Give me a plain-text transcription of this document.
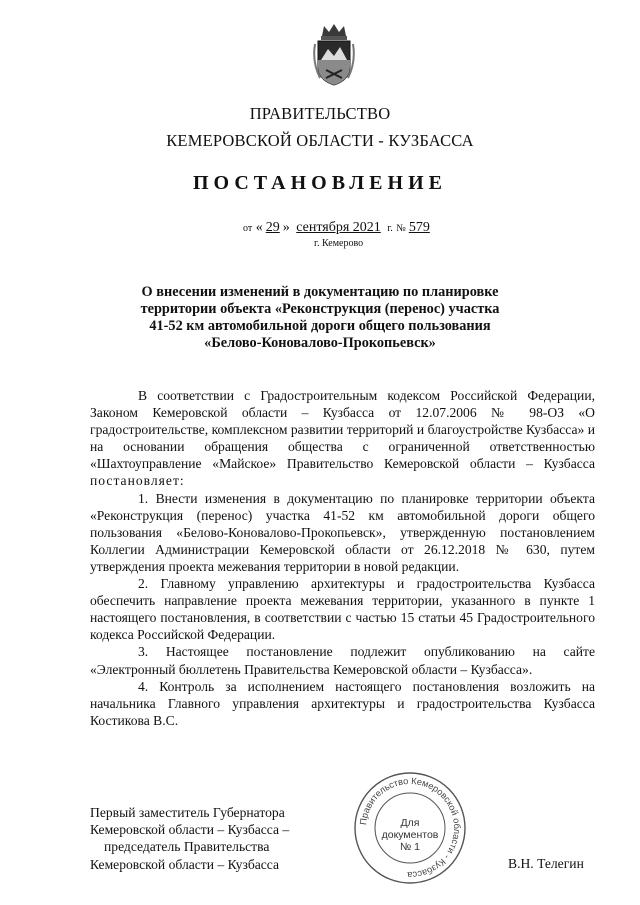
ПРАВИТЕЛЬСТВО
КЕМЕРОВСКОЙ ОБЛАСТИ - КУЗБАССА
ПОСТАНОВЛЕНИЕ
от « 29 » сентября 2021 г. № 579
г. Кемерово
О внесении изменений в документацию по планировке
территории объекта «Реконструкция (перенос) участка
41-52 км автомобильной дороги общего пользования
«Белово-Коновалово-Прокопьевск»

В соответствии с Градостроительным кодексом Российской Федерации, Законом Кемеровской области – Кузбасса от 12.07.2006 № 98-ОЗ «О градостроительстве, комплексном развитии территорий и благоустройстве Кузбасса» и на основании обращения общества с ограниченной ответственностью «Шахтоуправление «Майское» Правительство Кемеровской области – Кузбасса постановляет:

1. Внести изменения в документацию по планировке территории объекта «Реконструкция (перенос) участка 41-52 км автомобильной дороги общего пользования «Белово-Коновалово-Прокопьевск», утвержденную постановлением Коллегии Администрации Кемеровской области от 26.12.2018 № 630, путем утверждения проекта межевания территории в новой редакции.

2. Главному управлению архитектуры и градостроительства Кузбасса обеспечить направление проекта межевания территории, указанного в пункте 1 настоящего постановления, в соответствии с частью 15 статьи 45 Градостроительного кодекса Российской Федерации.

3. Настоящее постановление подлежит опубликованию на сайте «Электронный бюллетень Правительства Кемеровской области – Кузбасса».

4. Контроль за исполнением настоящего постановления возложить на начальника Главного управления архитектуры и градостроительства Кузбасса Костикова В.С.

Правительство Кемеровской области - Кузбасса
Для
документов
№ 1
Первый заместитель Губернатора
Кемеровской области – Кузбасса –
председатель Правительства
Кемеровской области – Кузбасса	В.Н. Телегин
